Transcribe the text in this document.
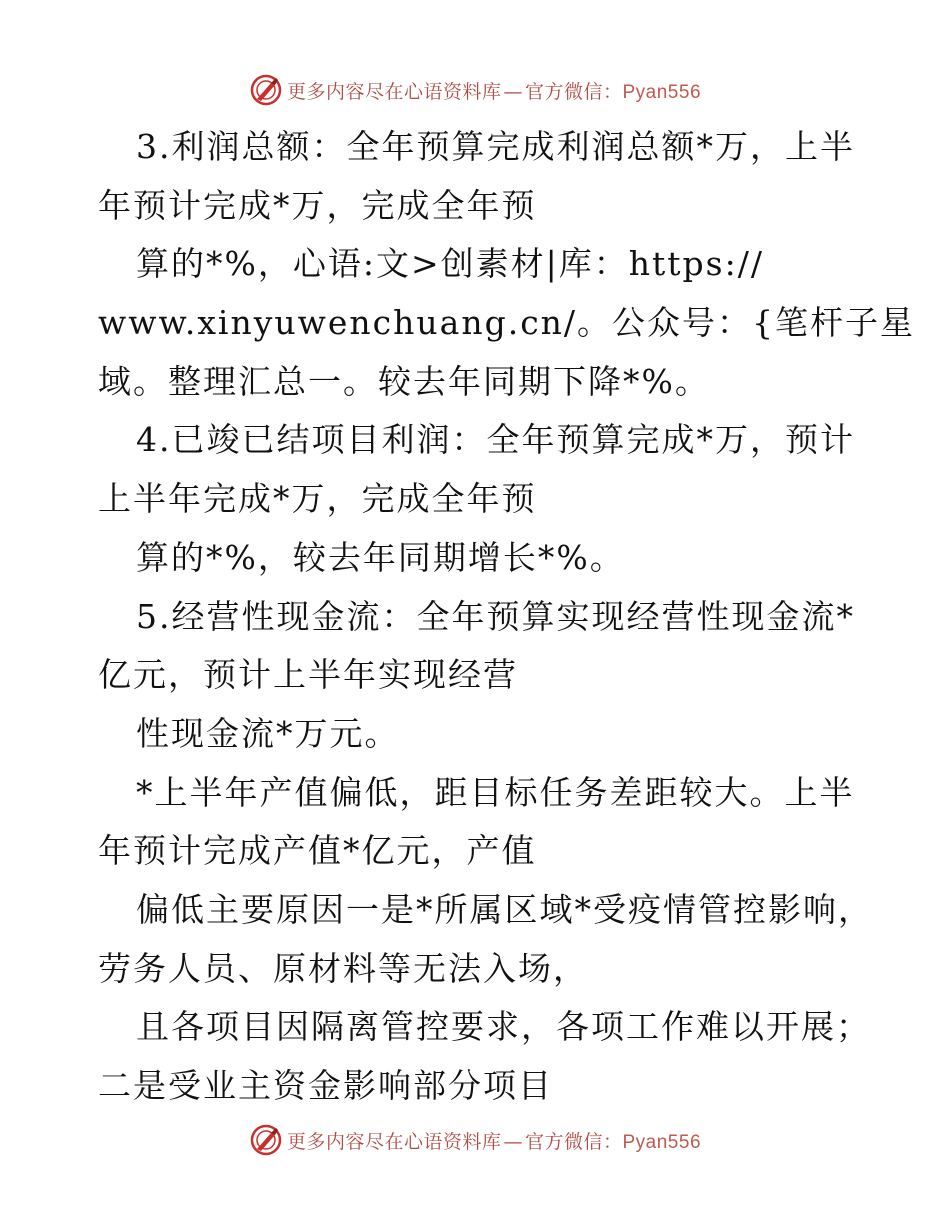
更多内容尽在心语资料库 — 官方微信：Pyan556
3.利润总额：全年预算完成利润总额*万，上半
年预计完成*万，完成全年预
算的*%，心语:文>创素材|库：https://
www.xinyuwenchuang.cn/。公众号：{笔杆子星
域。整理汇总一。较去年同期下降*%。
4.已竣已结项目利润：全年预算完成*万，预计
上半年完成*万，完成全年预
算的*%，较去年同期增长*%。
5.经营性现金流：全年预算实现经营性现金流*
亿元，预计上半年实现经营
性现金流*万元。
*上半年产值偏低，距目标任务差距较大。上半
年预计完成产值*亿元，产值
偏低主要原因一是*所属区域*受疫情管控影响，
劳务人员、原材料等无法入场，
且各项目因隔离管控要求，各项工作难以开展；
二是受业主资金影响部分项目
更多内容尽在心语资料库 — 官方微信：Pyan556
